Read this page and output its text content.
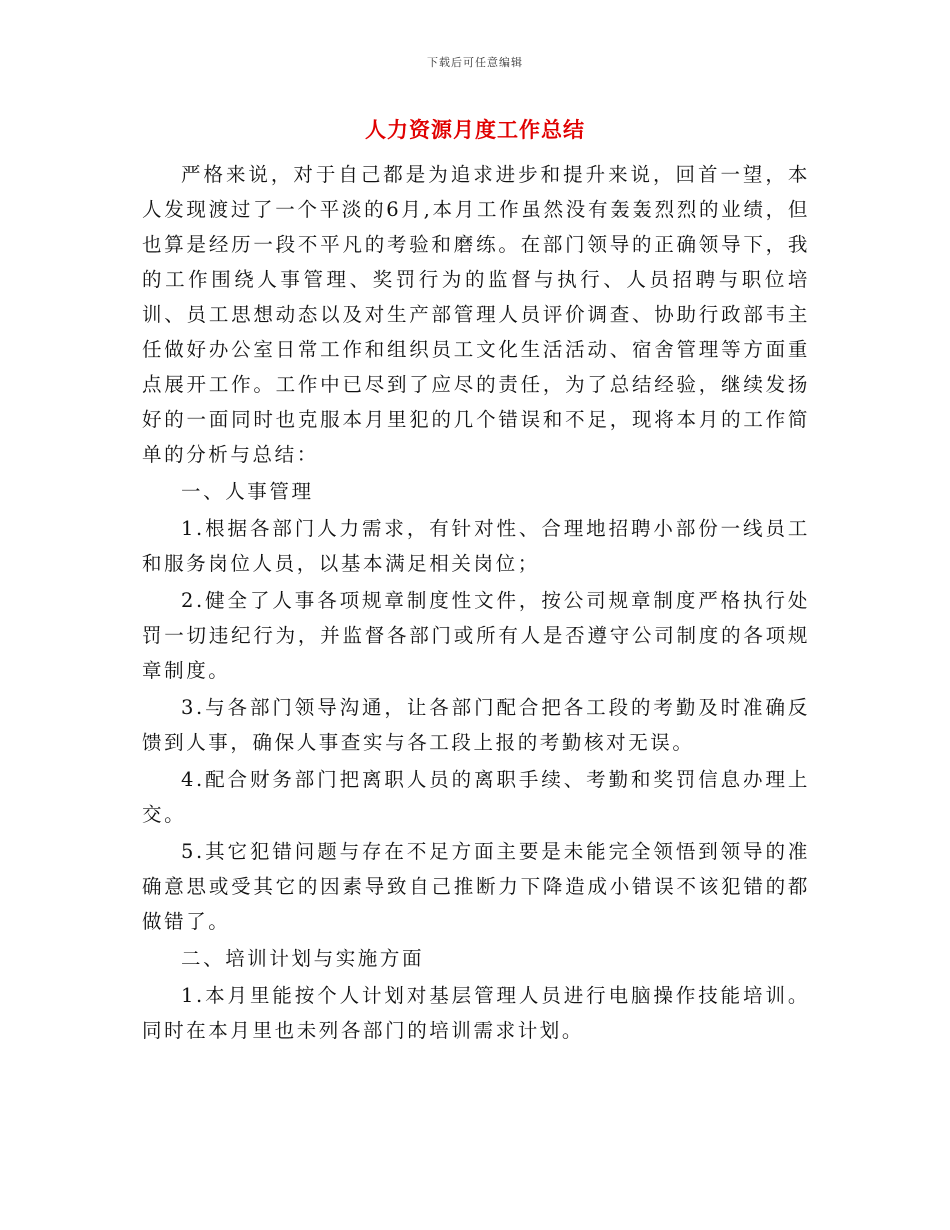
下载后可任意编辑
人力资源月度工作总结

严格来说，对于自己都是为追求进步和提升来说，回首一望，本人发现渡过了一个平淡的6月,本月工作虽然没有轰轰烈烈的业绩，但也算是经历一段不平凡的考验和磨练。在部门领导的正确领导下，我的工作围绕人事管理、奖罚行为的监督与执行、人员招聘与职位培训、员工思想动态以及对生产部管理人员评价调查、协助行政部韦主任做好办公室日常工作和组织员工文化生活活动、宿舍管理等方面重点展开工作。工作中已尽到了应尽的责任，为了总结经验，继续发扬好的一面同时也克服本月里犯的几个错误和不足，现将本月的工作简单的分析与总结：

一、人事管理

1.根据各部门人力需求，有针对性、合理地招聘小部份一线员工和服务岗位人员，以基本满足相关岗位；

2.健全了人事各项规章制度性文件，按公司规章制度严格执行处罚一切违纪行为，并监督各部门或所有人是否遵守公司制度的各项规章制度。

3.与各部门领导沟通，让各部门配合把各工段的考勤及时准确反馈到人事，确保人事查实与各工段上报的考勤核对无误。

4.配合财务部门把离职人员的离职手续、考勤和奖罚信息办理上交。

5.其它犯错问题与存在不足方面主要是未能完全领悟到领导的准确意思或受其它的因素导致自己推断力下降造成小错误不该犯错的都做错了。

二、培训计划与实施方面

1.本月里能按个人计划对基层管理人员进行电脑操作技能培训。同时在本月里也未列各部门的培训需求计划。
